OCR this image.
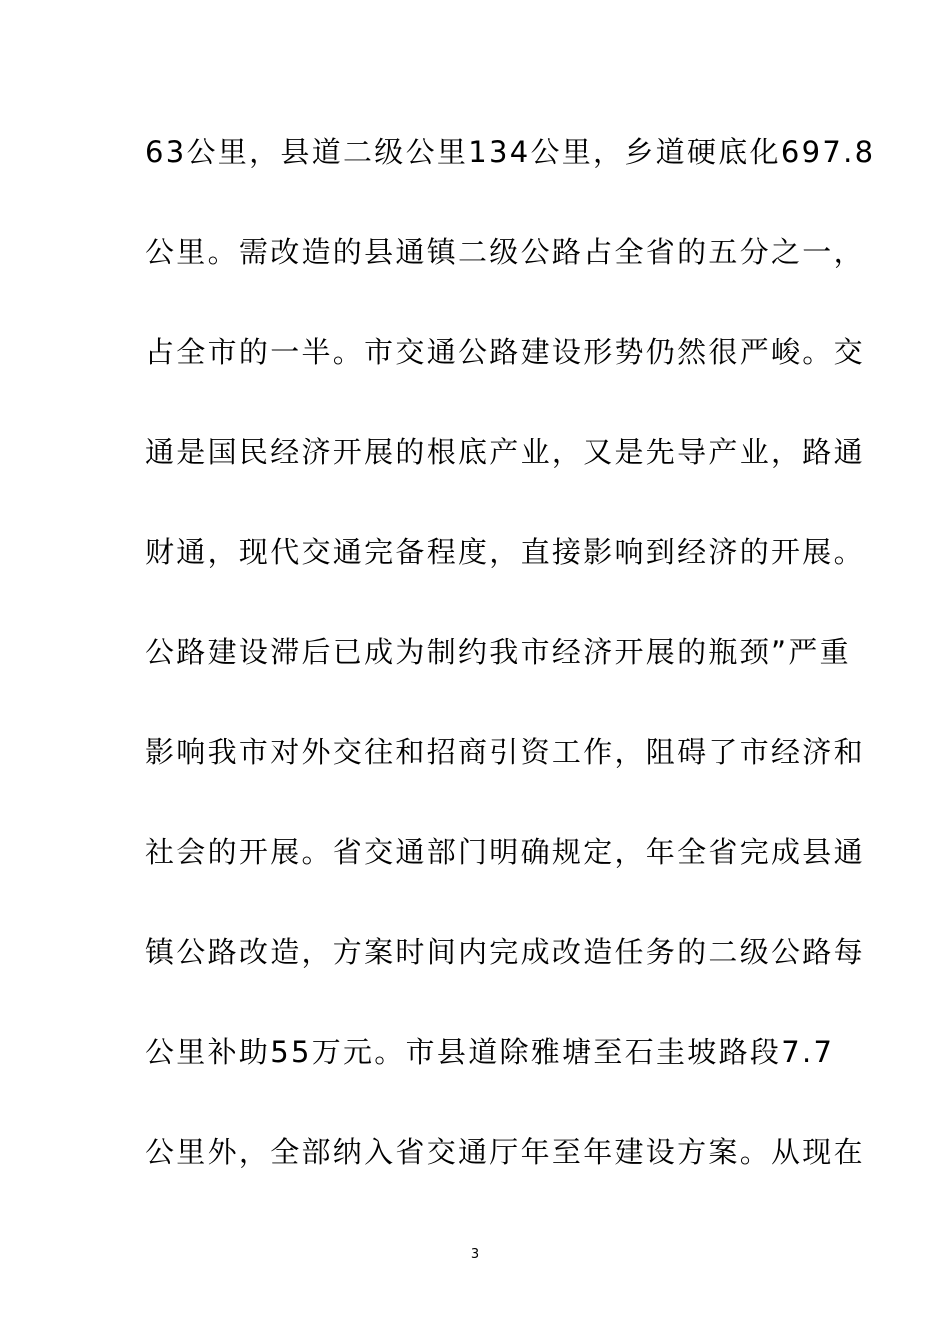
63公里，县道二级公里134公里，乡道硬底化697.8
公里。需改造的县通镇二级公路占全省的五分之一，
占全市的一半。市交通公路建设形势仍然很严峻。交
通是国民经济开展的根底产业，又是先导产业，路通
财通，现代交通完备程度，直接影响到经济的开展。
公路建设滞后已成为制约我市经济开展的瓶颈”严重
影响我市对外交往和招商引资工作，阻碍了市经济和
社会的开展。省交通部门明确规定，年全省完成县通
镇公路改造，方案时间内完成改造任务的二级公路每
公里补助55万元。市县道除雅塘至石圭坡路段7.7
公里外，全部纳入省交通厅年至年建设方案。从现在
3
